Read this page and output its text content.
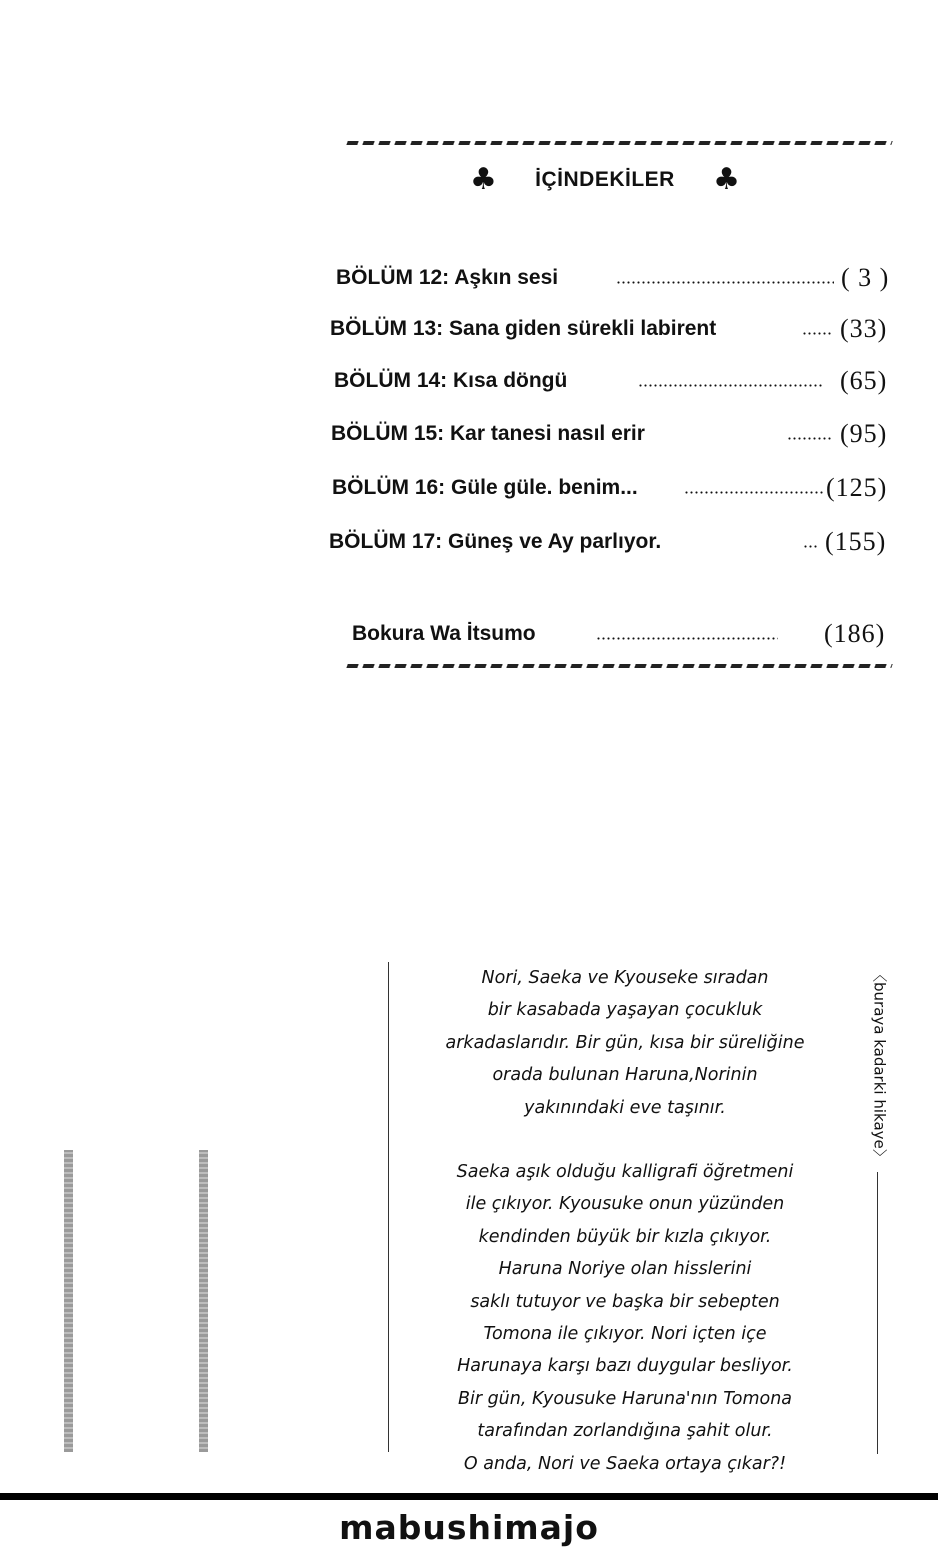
♣ İÇİNDEKİLER ♣
BÖLÜM 12: Aşkın sesi	( 3 )
BÖLÜM 13: Sana giden sürekli labirent	(33)
BÖLÜM 14: Kısa döngü	(65)
BÖLÜM 15: Kar tanesi nasıl erir	(95)
BÖLÜM 16: Güle güle. benim...	(125)
BÖLÜM 17: Güneş ve Ay parlıyor.	(155)
Bokura Wa İtsumo	(186)
〈buraya kadarki hikaye〉

Nori, Saeka ve Kyouseke sıradan

bir kasabada yaşayan çocukluk

arkadaslarıdır. Bir gün, kısa bir süreliğine

orada bulunan Haruna,Norinin

yakınındaki eve taşınır.

Saeka aşık olduğu kalligrafi öğretmeni

ile çıkıyor. Kyousuke onun yüzünden

kendinden büyük bir kızla çıkıyor.

Haruna Noriye olan hisslerini

saklı tutuyor ve başka bir sebepten

Tomona ile çıkıyor. Nori içten içe

Harunaya karşı bazı duygular besliyor.

Bir gün, Kyousuke Haruna'nın Tomona

tarafından zorlandığına şahit olur.

O anda, Nori ve Saeka ortaya çıkar?!

mabushimajo
